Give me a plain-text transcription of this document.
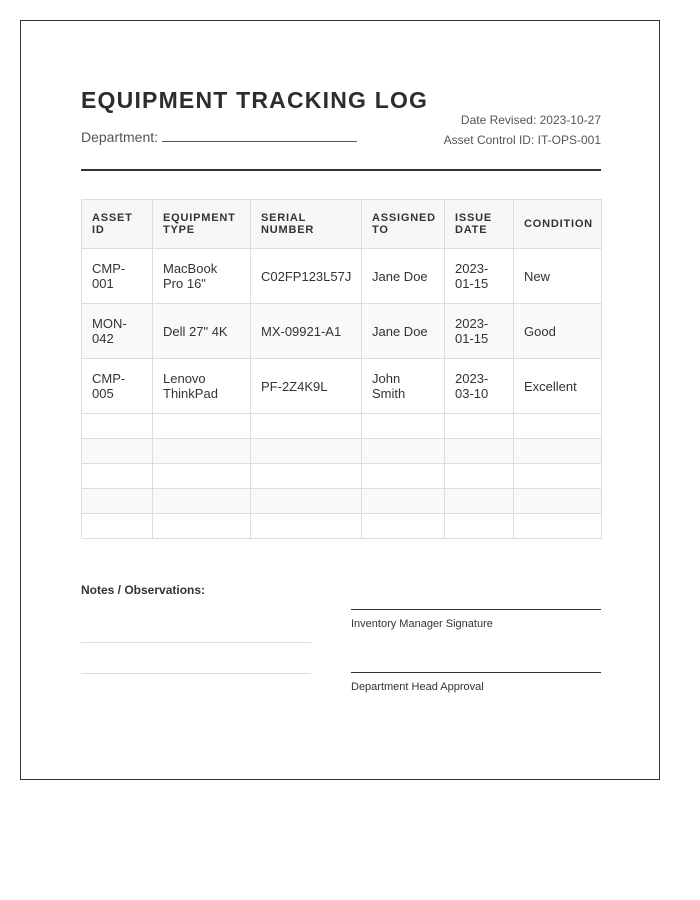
EQUIPMENT TRACKING LOG
Department:
Date Revised: 2023-10-27
Asset Control ID: IT-OPS-001
ASSET ID	EQUIPMENT TYPE	SERIAL NUMBER	ASSIGNED TO	ISSUE DATE	CONDITION
CMP-001	MacBook Pro 16"	C02FP123L57J	Jane Doe	2023-01-15	New
MON-042	Dell 27" 4K	MX-09921-A1	Jane Doe	2023-01-15	Good
CMP-005	Lenovo ThinkPad	PF-2Z4K9L	John Smith	2023-03-10	Excellent

Notes / Observations:
Inventory Manager Signature
Department Head Approval
